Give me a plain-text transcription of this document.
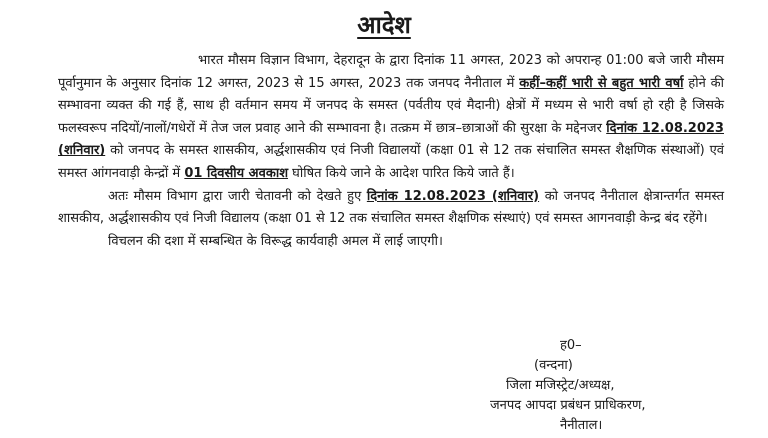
आदेश

भारत मौसम विज्ञान विभाग, देहरादून के द्वारा दिनांक 11 अगस्त, 2023 को अपरान्ह 01:00 बजे जारी मौसम पूर्वानुमान के अनुसार दिनांक 12 अगस्त, 2023 से 15 अगस्त, 2023 तक जनपद नैनीताल में कहीं–कहीं भारी से बहुत भारी वर्षा होने की सम्भावना व्यक्त की गई हैं, साथ ही वर्तमान समय में जनपद के समस्त (पर्वतीय एवं मैदानी) क्षेत्रों में मध्यम से भारी वर्षा हो रही है जिसके फलस्वरूप नदियों/नालों/गधेरों में तेज जल प्रवाह आने की सम्भावना है। तत्क्रम में छात्र–छात्राओं की सुरक्षा के मद्देनजर दिनांक 12.08.2023 (शनिवार) को जनपद के समस्त शासकीय, अर्द्धशासकीय एवं निजी विद्यालयों (कक्षा 01 से 12 तक संचालित समस्त शैक्षणिक संस्थाओं) एवं समस्त आंगनवाड़ी केन्द्रों में 01 दिवसीय अवकाश घोषित किये जाने के आदेश पारित किये जाते हैं।

अतः मौसम विभाग द्वारा जारी चेतावनी को देखते हुए दिनांक 12.08.2023 (शनिवार) को जनपद नैनीताल क्षेत्रान्तर्गत समस्त शासकीय, अर्द्धशासकीय एवं निजी विद्यालय (कक्षा 01 से 12 तक संचालित समस्त शैक्षणिक संस्थाएं) एवं समस्त आगनवाड़ी केन्द्र बंद रहेंगे।

विचलन की दशा में सम्बन्धित के विरूद्ध कार्यवाही अमल में लाई जाएगी।

ह0–
(वन्दना)
जिला मजिस्ट्रेट/अध्यक्ष,
जनपद आपदा प्रबंधन प्राधिकरण,
नैनीताल।
